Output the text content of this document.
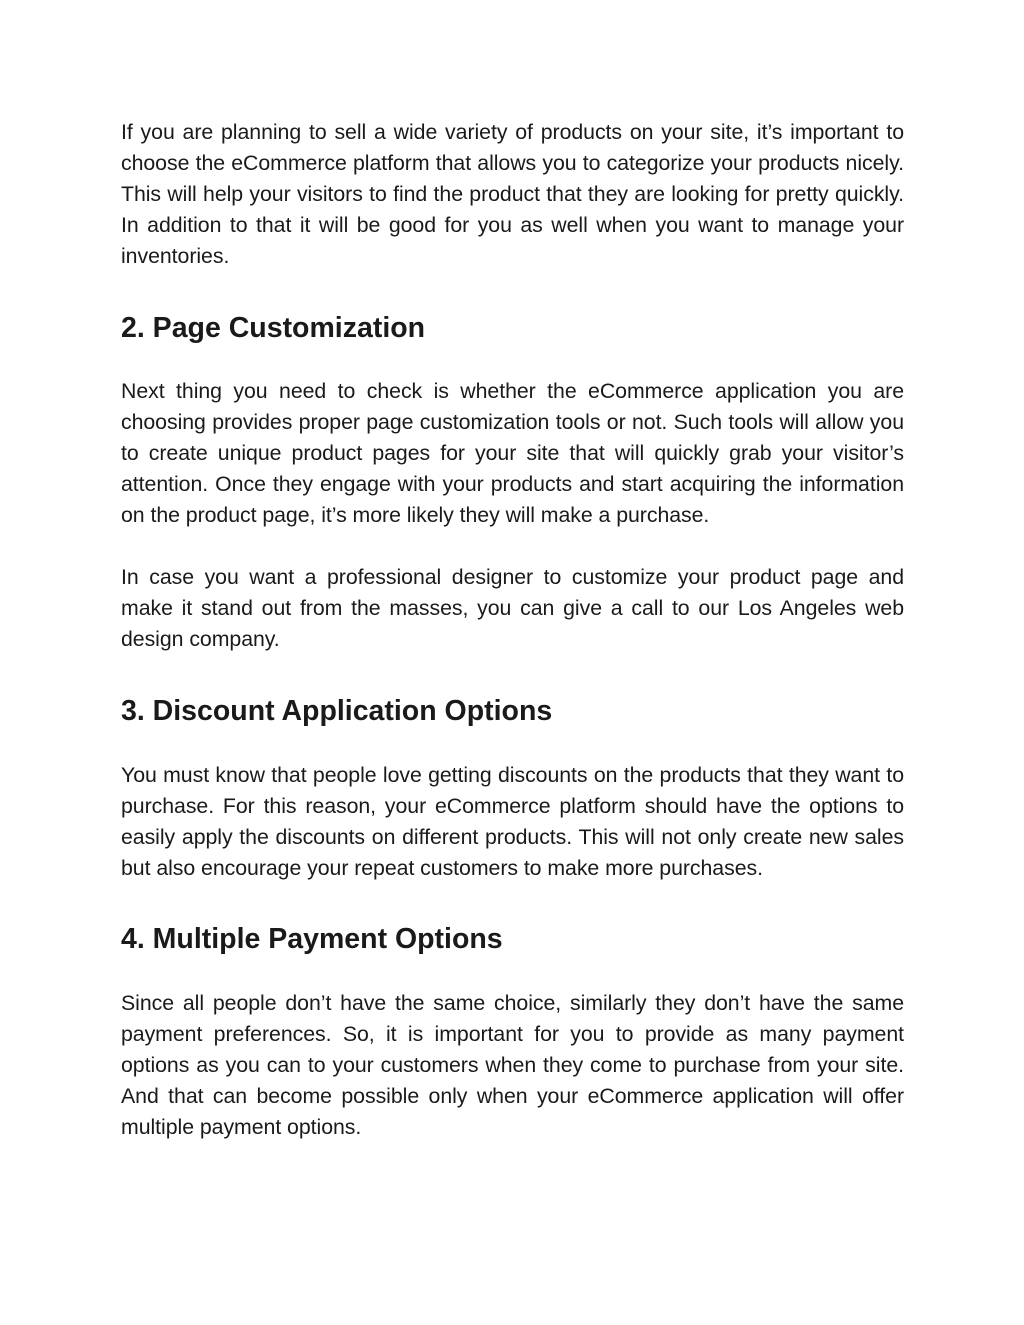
If you are planning to sell a wide variety of products on your site, it’s important to choose the eCommerce platform that allows you to categorize your products nicely. This will help your visitors to find the product that they are looking for pretty quickly. In addition to that it will be good for you as well when you want to manage your inventories.

2. Page Customization

Next thing you need to check is whether the eCommerce application you are choosing provides proper page customization tools or not. Such tools will allow you to create unique product pages for your site that will quickly grab your visitor’s attention. Once they engage with your products and start acquiring the information on the product page, it’s more likely they will make a purchase.

In case you want a professional designer to customize your product page and make it stand out from the masses, you can give a call to our Los Angeles web design company.

3. Discount Application Options

You must know that people love getting discounts on the products that they want to purchase. For this reason, your eCommerce platform should have the options to easily apply the discounts on different products. This will not only create new sales but also encourage your repeat customers to make more purchases.

4. Multiple Payment Options

Since all people don’t have the same choice, similarly they don’t have the same payment preferences. So, it is important for you to provide as many payment options as you can to your customers when they come to purchase from your site. And that can become possible only when your eCommerce application will offer multiple payment options.
